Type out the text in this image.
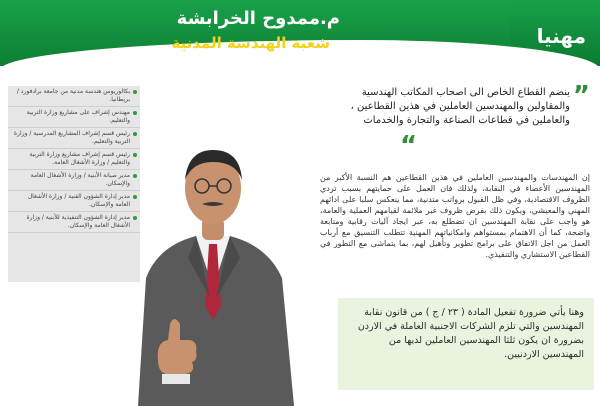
م.ممدوح الخرابشة
شعبة الهندسة المدنية	مهنيا
بكالوريوس هندسة مدنية من جامعة برادفورد / بريطانيا.
مهندس إشراف على مشاريع وزارة التربية والتعليم.
رئيس قسم إشراف المشاريع المدرسية / وزارة التربية والتعليم.
رئيس قسم إشراف مشاريع وزارة التربية والتعليم / وزارة الأشغال العامة.
مدير صيانة الأبنية / وزارة الأشغال العامة والإسكان.
مدير إدارة الشؤون الفنية / وزارة الأشغال العامة والإسكان.
مدير إدارة الشؤون التنفيذية للأبنية / وزارة الأشغال العامة والإسكان.
”
ينضم القطاع الخاص الى اصحاب المكاتب الهندسية والمقاولين والمهندسين العاملين في هذين القطاعين ، والعاملين في قطاعات الصناعة والتجارة والخدمات
“
إن المهندسات والمهندسين العاملين في هذين القطاعين هم النسبة الأكبر من المهندسين الأعضاء في النقابة، ولذلك فان العمل على حمايتهم بسبب تردي الظروف الاقتصادية، وفي ظل القبول برواتب متدنية، مما ينعكس سلبا على ادائهم المهني والمعيشي، ويكون ذلك بفرض ظروف غير ملائمة لقيامهم العملية والعامة، هو واجب على نقابة المهندسين ان تضطلع به، عبر ايجاد آليات رقابية ومتابعة واضحة، كما أن الاهتمام بمستواهم وامكانياتهم المهنية تتطلب التنسيق مع أرباب العمل من اجل الاتفاق على برامج تطوير وتأهيل لهم، بما يتماشى مع التطور في القطاعين الاستشاري والتنفيذي.
وهنا يأتي ضرورة تفعيل المادة ( ٢٣ / ج ) من قانون نقابة المهندسين والتي تلزم الشركات الاجنبية العاملة في الاردن بضرورة ان يكون ثلثا المهندسين العاملين لديها من المهندسين الاردنيين.
